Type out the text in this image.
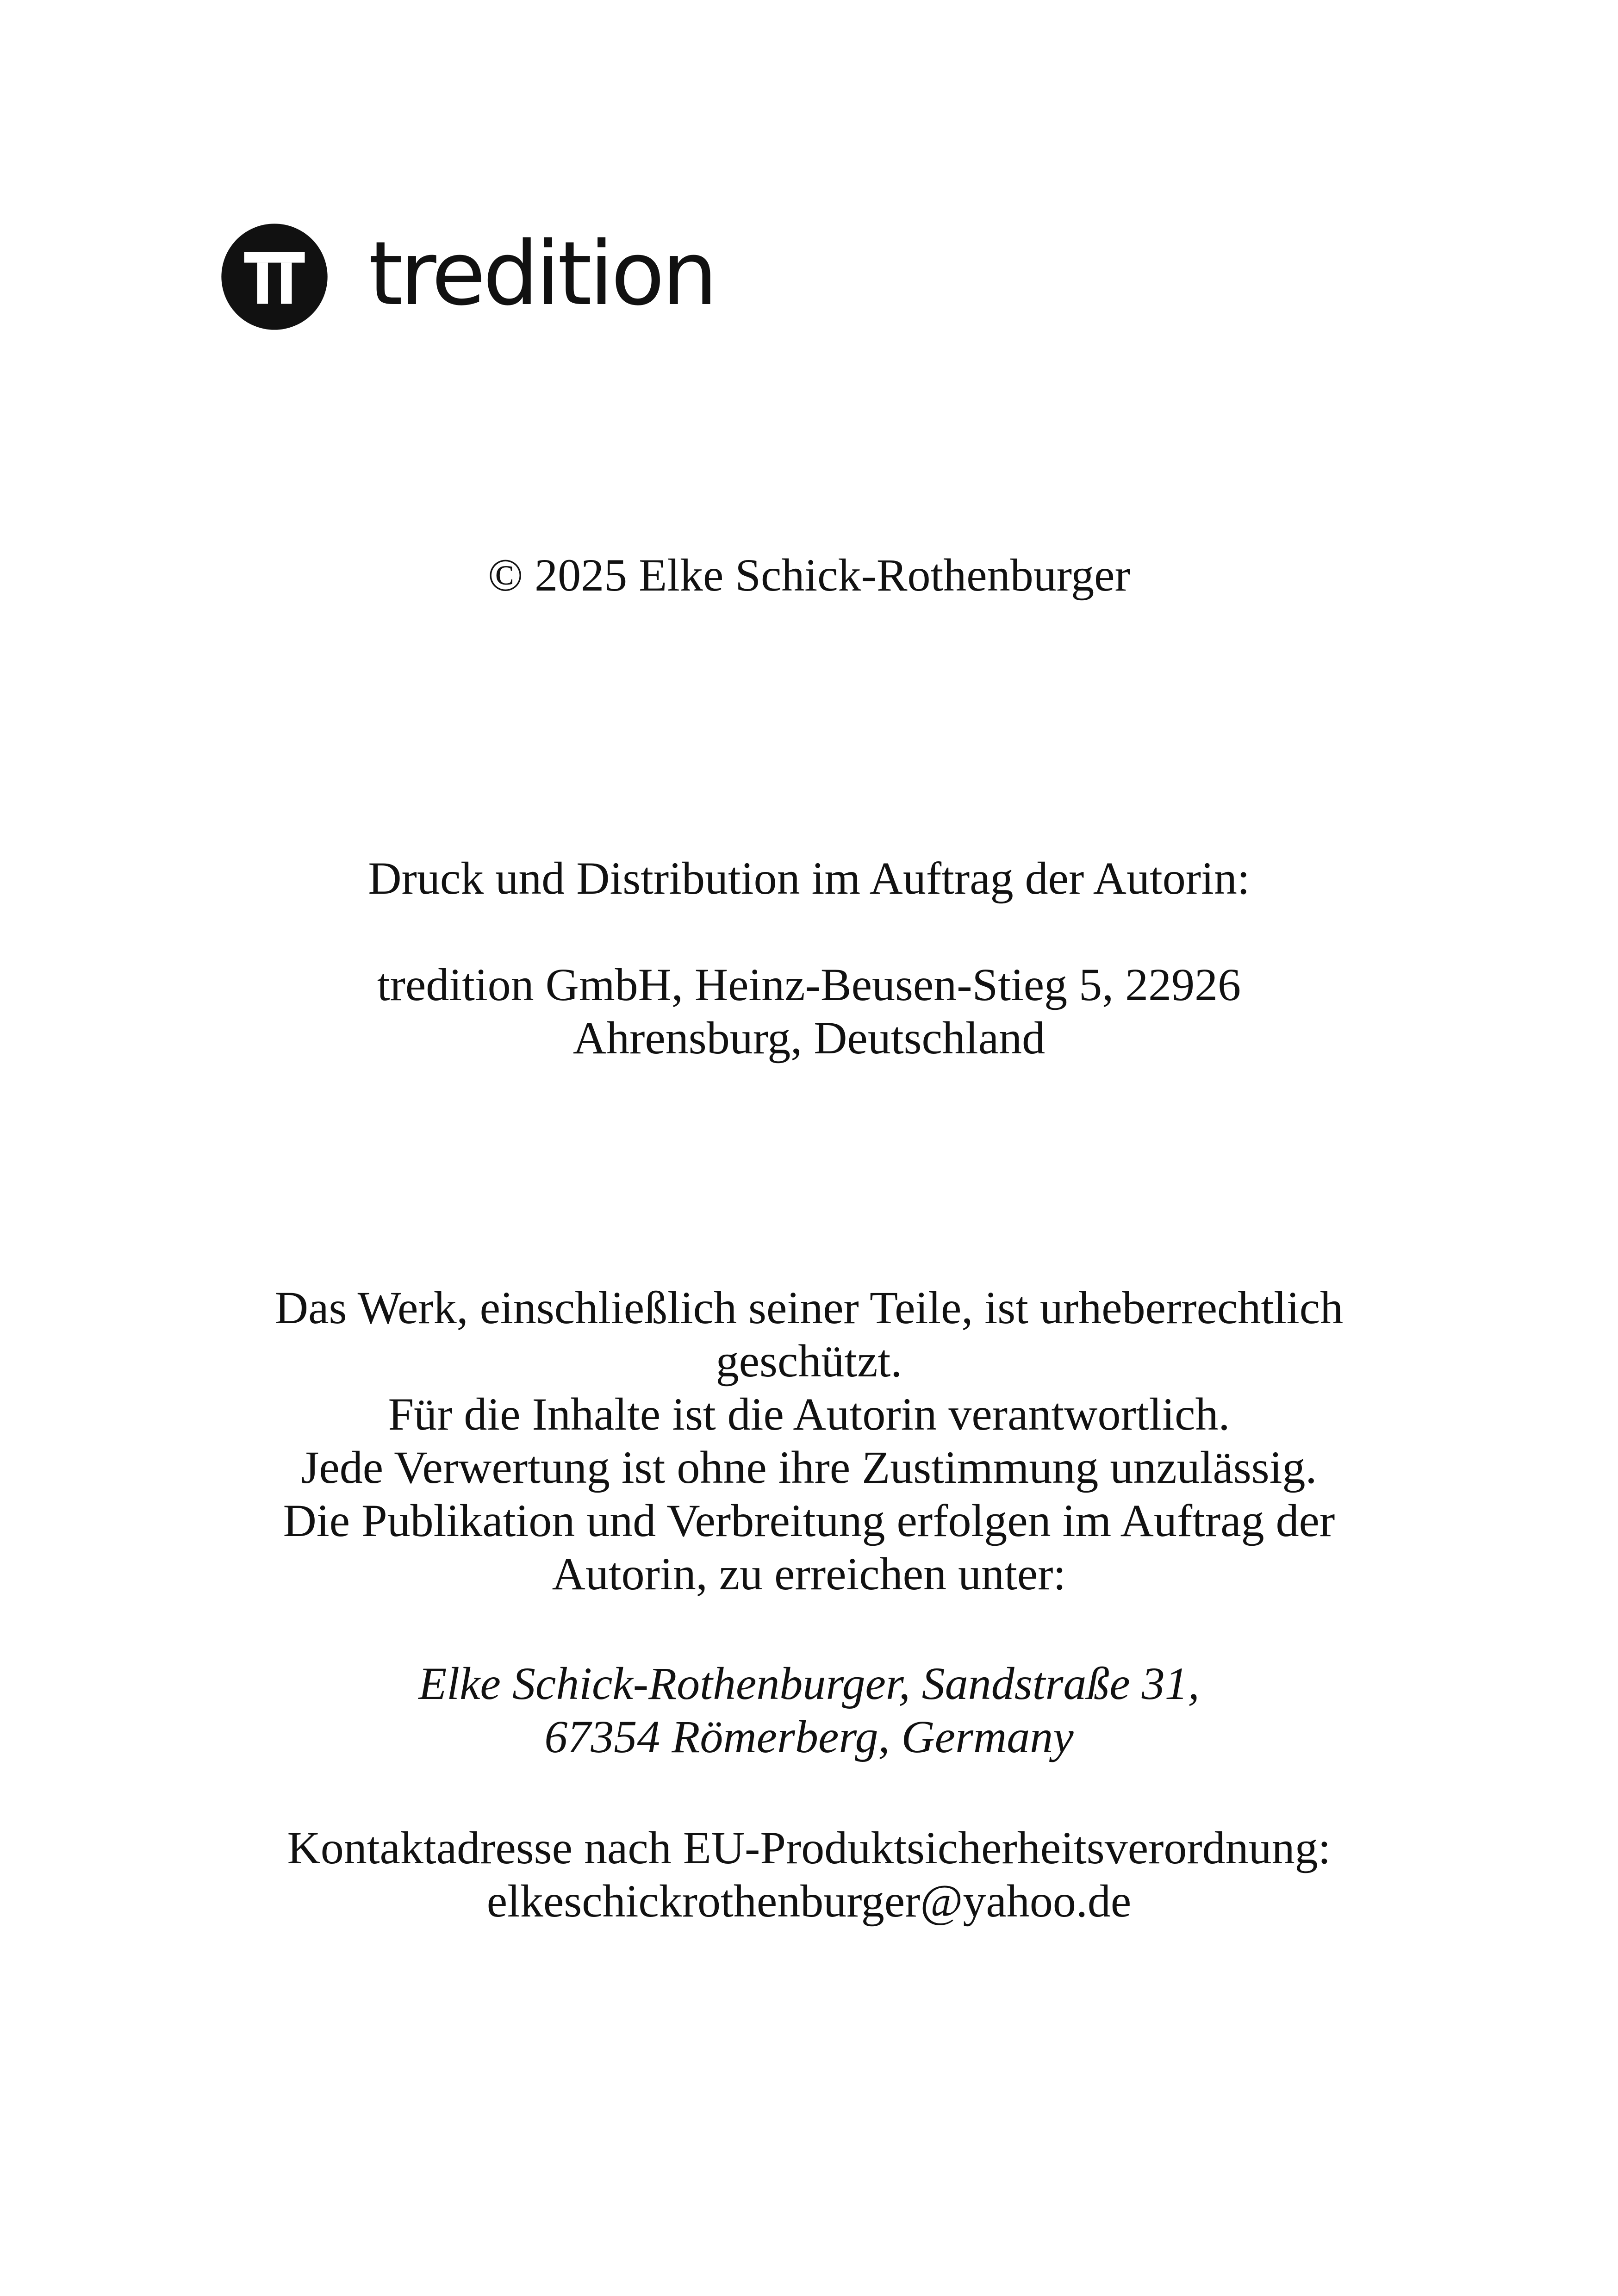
tredition

© 2025 Elke Schick-Rothenburger

Druck und Distribution im Auftrag der Autorin:

tredition GmbH, Heinz-Beusen-Stieg 5, 22926

Ahrensburg, Deutschland

Das Werk, einschließlich seiner Teile, ist urheberrechtlich

geschützt.

Für die Inhalte ist die Autorin verantwortlich.

Jede Verwertung ist ohne ihre Zustimmung unzulässig.

Die Publikation und Verbreitung erfolgen im Auftrag der

Autorin, zu erreichen unter:

Elke Schick-Rothenburger, Sandstraße 31,

67354 Römerberg, Germany

Kontaktadresse nach EU-Produktsicherheitsverordnung:

elkeschickrothenburger@yahoo.de
